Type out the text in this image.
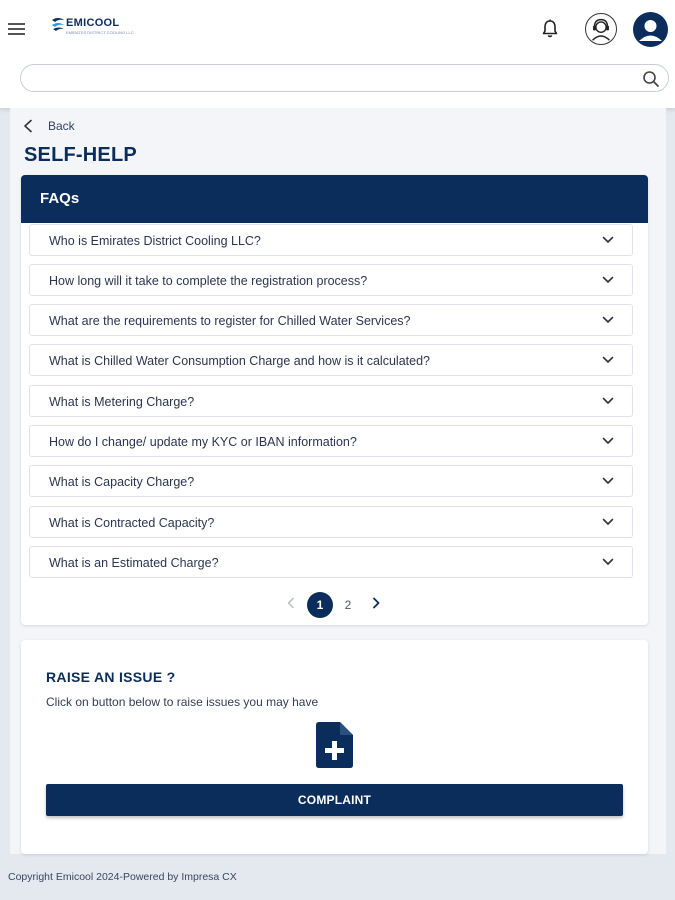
EMICOOL
EMIRATES DISTRICT COOLING LLC
Back
SELF-HELP
FAQs
Who is Emirates District Cooling LLC?
How long will it take to complete the registration process?
What are the requirements to register for Chilled Water Services?
What is Chilled Water Consumption Charge and how is it calculated?
What is Metering Charge?
How do I change/ update my KYC or IBAN information?
What is Capacity Charge?
What is Contracted Capacity?
What is an Estimated Charge?
1	2
RAISE AN ISSUE ?
Click on button below to raise issues you may have
COMPLAINT
Copyright Emicool 2024-Powered by Impresa CX
